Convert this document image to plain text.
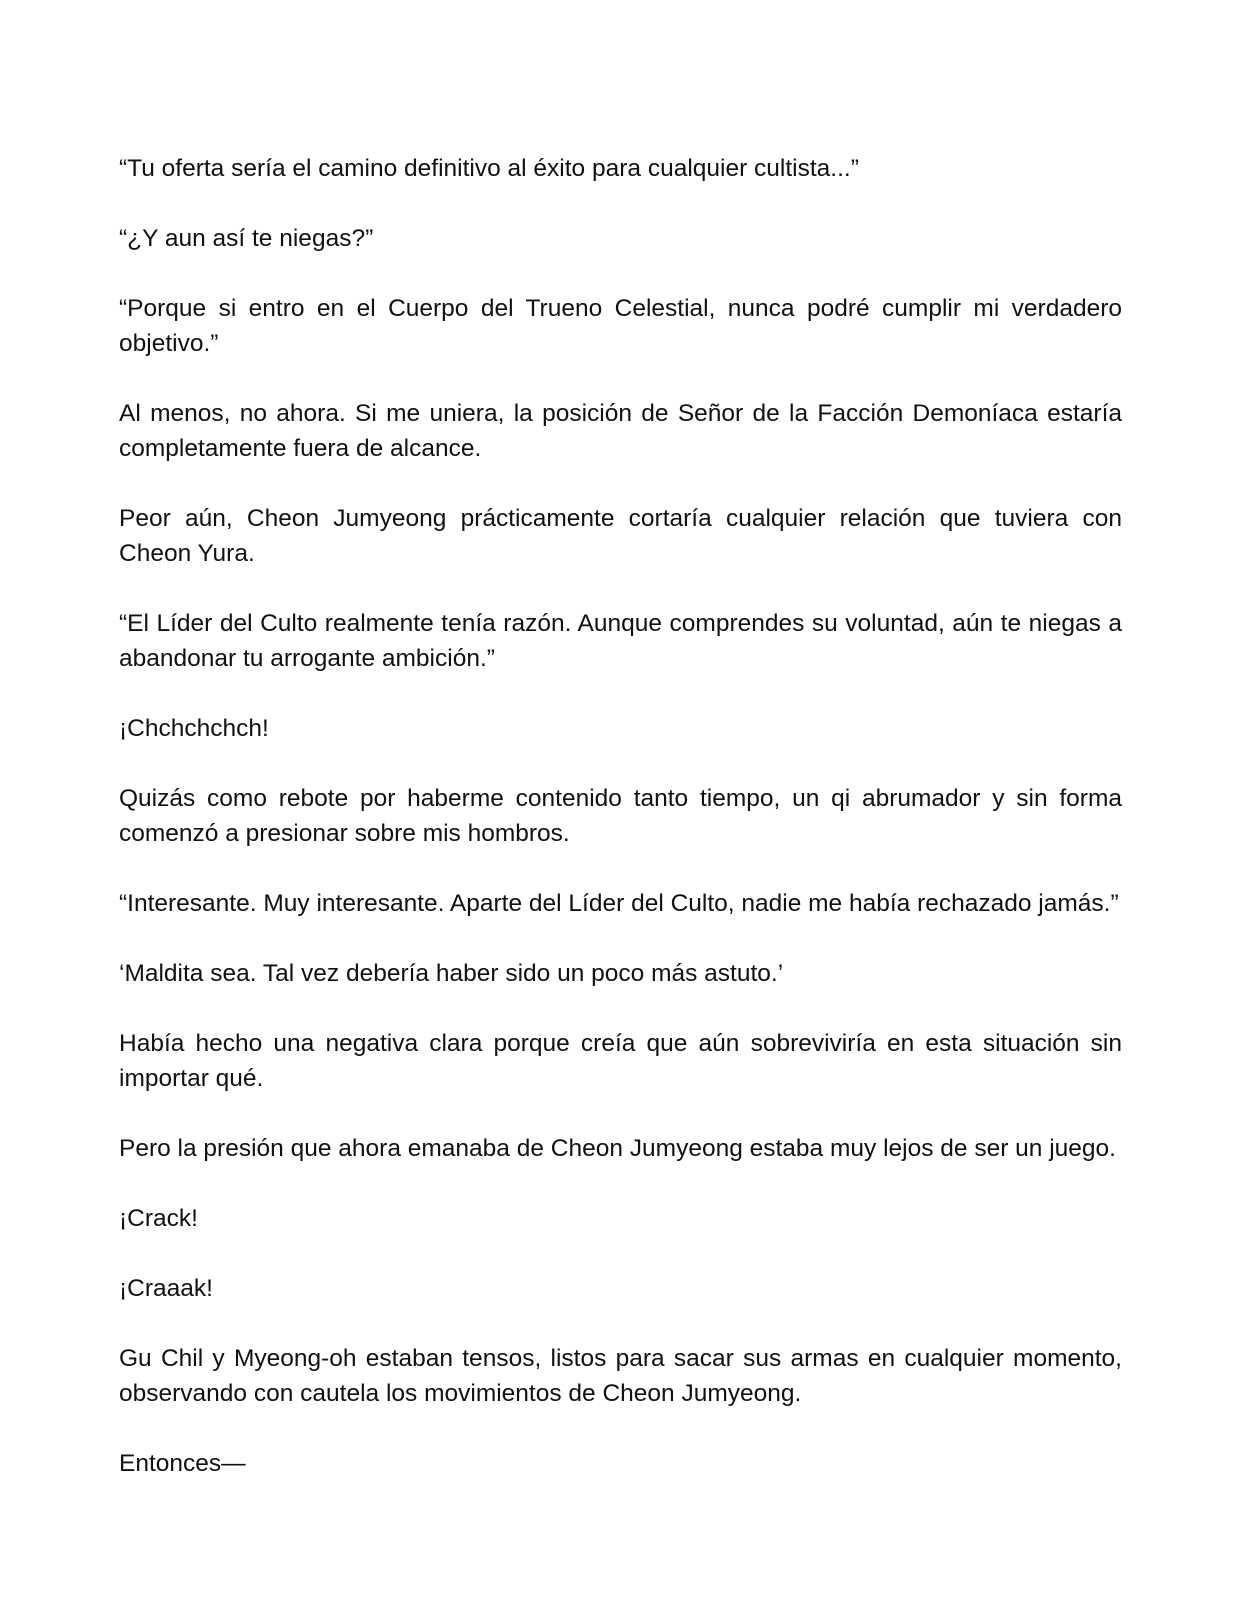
“Tu oferta sería el camino definitivo al éxito para cualquier cultista...”

“¿Y aun así te niegas?”

“Porque si entro en el Cuerpo del Trueno Celestial, nunca podré cumplir mi verdadero objetivo.”

Al menos, no ahora. Si me uniera, la posición de Señor de la Facción Demoníaca estaría completamente fuera de alcance.

Peor aún, Cheon Jumyeong prácticamente cortaría cualquier relación que tuviera con Cheon Yura.

“El Líder del Culto realmente tenía razón. Aunque comprendes su voluntad, aún te niegas a abandonar tu arrogante ambición.”

¡Chchchchch!

Quizás como rebote por haberme contenido tanto tiempo, un qi abrumador y sin forma comenzó a presionar sobre mis hombros.

“Interesante. Muy interesante. Aparte del Líder del Culto, nadie me había rechazado jamás.”

‘Maldita sea. Tal vez debería haber sido un poco más astuto.’

Había hecho una negativa clara porque creía que aún sobreviviría en esta situación sin importar qué.

Pero la presión que ahora emanaba de Cheon Jumyeong estaba muy lejos de ser un juego.

¡Crack!

¡Craaak!

Gu Chil y Myeong-oh estaban tensos, listos para sacar sus armas en cualquier momento, observando con cautela los movimientos de Cheon Jumyeong.

Entonces—
